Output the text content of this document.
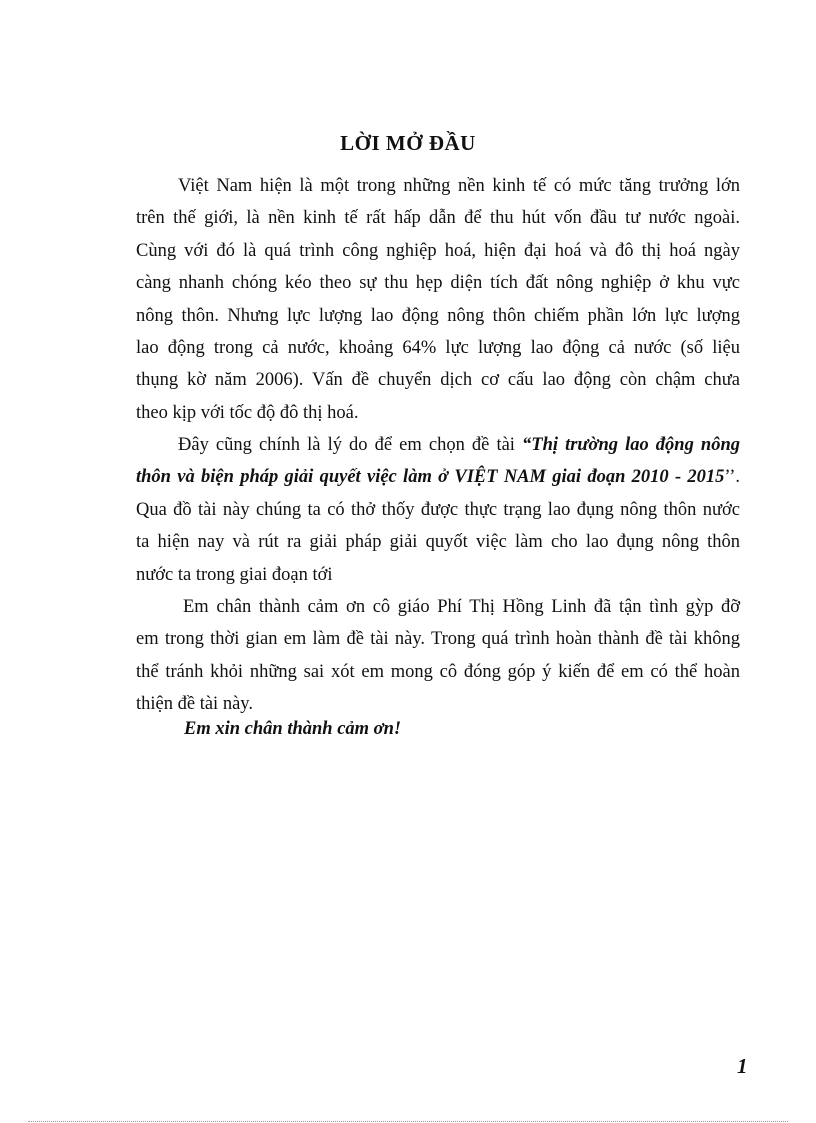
LỜI MỞ ĐẦU
Việt Nam hiện là một trong những nền kinh tế có mức tăng trưởng lớn
trên thế giới, là nền kinh tế rất hấp dẫn để thu hút vốn đầu tư nước ngoài.
Cùng với đó là quá trình công nghiệp hoá, hiện đại hoá và đô thị hoá ngày
càng nhanh chóng kéo theo sự thu hẹp diện tích đất nông nghiệp ở khu vực
nông thôn. Nhưng lực lượng lao động nông thôn chiếm phần lớn lực lượng
lao động trong cả nước, khoảng 64% lực lượng lao động cả nước (số liệu
thụng kờ năm 2006). Vấn đề chuyển dịch cơ cấu lao động còn chậm chưa
theo kịp với tốc độ đô thị hoá.
Đây cũng chính là lý do để em chọn đề tài “Thị trường lao động nông
thôn và biện pháp giải quyết việc làm ở VIỆT NAM giai đoạn 2010 - 2015’’.
Qua đồ tài này chúng ta có thở thốy được thực trạng lao đụng nông thôn nước
ta hiện nay và rút ra giải pháp giải quyốt việc làm cho lao đụng nông thôn
nước ta trong giai đoạn tới
Em chân thành cảm ơn cô giáo Phí Thị Hồng Linh đã tận tình gỳp đỡ
em trong thời gian em làm đề tài này. Trong quá trình hoàn thành đề tài không
thể tránh khỏi những sai xót em mong cô đóng góp ý kiến để em có thể hoàn
thiện đề tài này.
Em xin chân thành cảm ơn!
1
